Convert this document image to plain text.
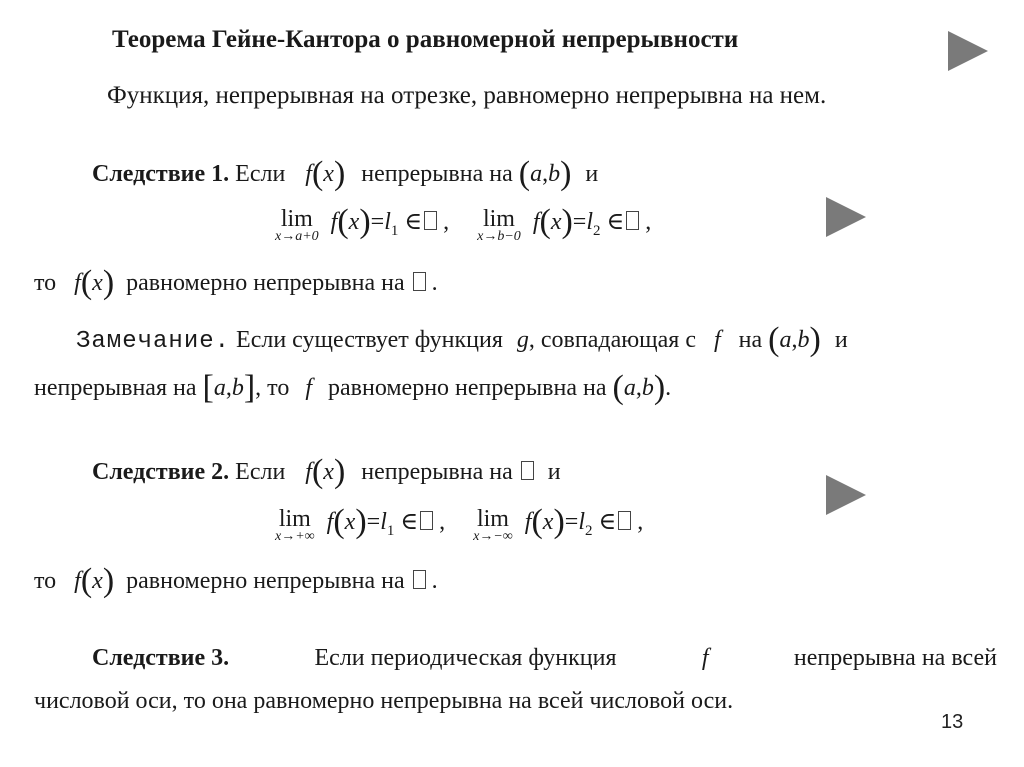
Теорема Гейне-Кантора о равномерной непрерывности
Функция, непрерывная на отрезке, равномерно непрерывна на нем.
Следствие 1. Если f(x) непрерывна на (a,b) и
lim
x→a+0
$f(x)=l_1$ ∈ , lim
x→b−0
$f(x)=l_2$ ∈ ,
то f(x) равномерно непрерывна на  .
Замечание. Если существует функция g, совпадающая с f на (a,b) и
непрерывная на [a,b], то f равномерно непрерывна на (a,b).
Следствие 2. Если f(x) непрерывна на и
lim
x→+∞
$f(x)=l_1$ ∈ , lim
x→−∞
$f(x)=l_2$ ∈ ,
то f(x) равномерно непрерывна на  .
Следствие 3.	Если периодическая функция	f	непрерывна на всей
числовой оси, то она равномерно непрерывна на всей числовой оси.
13
